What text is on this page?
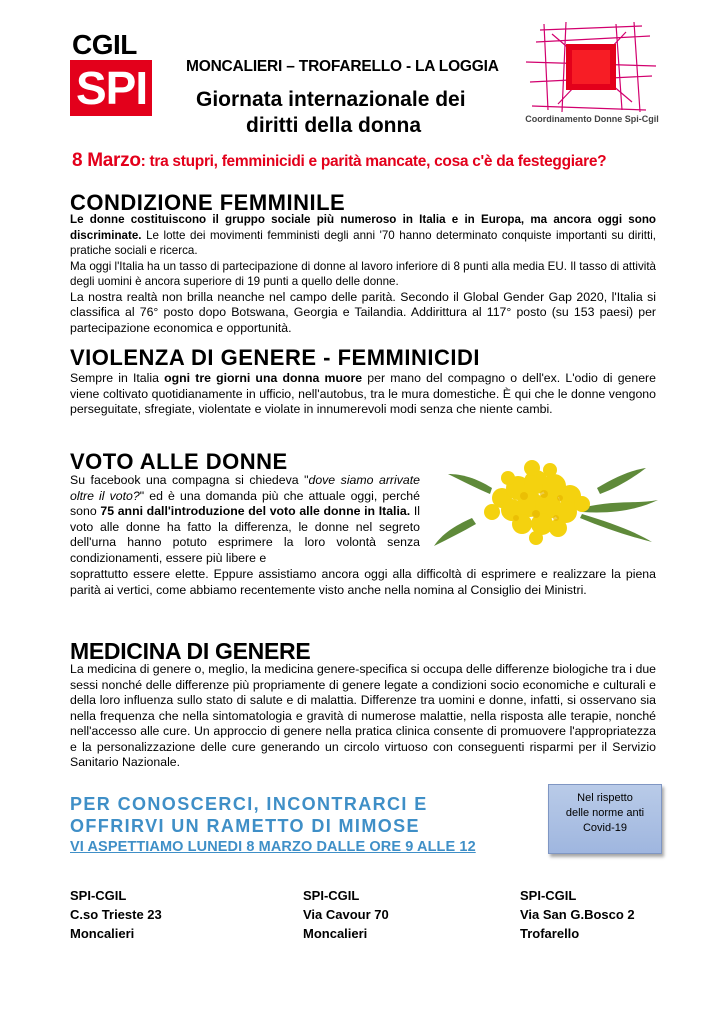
CGIL
SPI	MONCALIERI – TROFARELLO - LA LOGGIA
Giornata internazionale dei
diritti della donna	Coordinamento Donne Spi-Cgil
8 Marzo: tra stupri, femminicidi e parità mancate, cosa c'è da festeggiare?
CONDIZIONE FEMMINILE

Le donne costituiscono il gruppo sociale più numeroso in Italia e in Europa, ma ancora oggi sono discriminate. Le lotte dei movimenti femministi degli anni '70 hanno determinato conquiste importanti su diritti, pratiche sociali e ricerca.

Ma oggi l'Italia ha un tasso di partecipazione di donne al lavoro inferiore di 8 punti alla media EU. Il tasso di attività degli uomini è ancora superiore di 19 punti a quello delle donne.

La nostra realtà non brilla neanche nel campo delle parità. Secondo il Global Gender Gap 2020, l'Italia si classifica al 76° posto dopo Botswana, Georgia e Tailandia. Addirittura al 117° posto (su 153 paesi) per partecipazione economica e opportunità.

VIOLENZA DI GENERE - FEMMINICIDI

Sempre in Italia ogni tre giorni una donna muore per mano del compagno o dell'ex. L'odio di genere viene coltivato quotidianamente in ufficio, nell'autobus, tra le mura domestiche. È qui che le donne vengono perseguitate, sfregiate, violentate e violate in innumerevoli modi senza che niente cambi.

VOTO ALLE DONNE

Su facebook una compagna si chiedeva "dove siamo arrivate oltre il voto?" ed è una domanda più che attuale oggi, perché sono 75 anni dall'introduzione del voto alle donne in Italia. Il voto alle donne ha fatto la differenza, le donne nel segreto dell'urna hanno potuto esprimere la loro volontà senza condizionamenti, essere più libere e

soprattutto essere elette. Eppure assistiamo ancora oggi alla difficoltà di esprimere e realizzare la piena parità ai vertici, come abbiamo recentemente visto anche nella nomina al Consiglio dei Ministri.

MEDICINA DI GENERE

La medicina di genere o, meglio, la medicina genere-specifica si occupa delle differenze biologiche tra i due sessi nonché delle differenze più propriamente di genere legate a condizioni socio economiche e culturali e della loro influenza sullo stato di salute e di malattia. Differenze tra uomini e donne, infatti, si osservano sia nella frequenza che nella sintomatologia e gravità di numerose malattie, nella risposta alle terapie, nonché nell'accesso alle cure. Un approccio di genere nella pratica clinica consente di promuovere l'appropriatezza e la personalizzazione delle cure generando un circolo virtuoso con conseguenti risparmi per il Servizio Sanitario Nazionale.

PER CONOSCERCI, INCONTRARCI E
OFFRIRVI UN RAMETTO DI MIMOSE
VI ASPETTIAMO LUNEDI 8 MARZO DALLE ORE 9 ALLE 12
Nel rispetto
delle norme anti
Covid-19
SPI-CGIL
C.so Trieste 23
Moncalieri
SPI-CGIL
Via Cavour 70
Moncalieri
SPI-CGIL
Via San G.Bosco 2
Trofarello
